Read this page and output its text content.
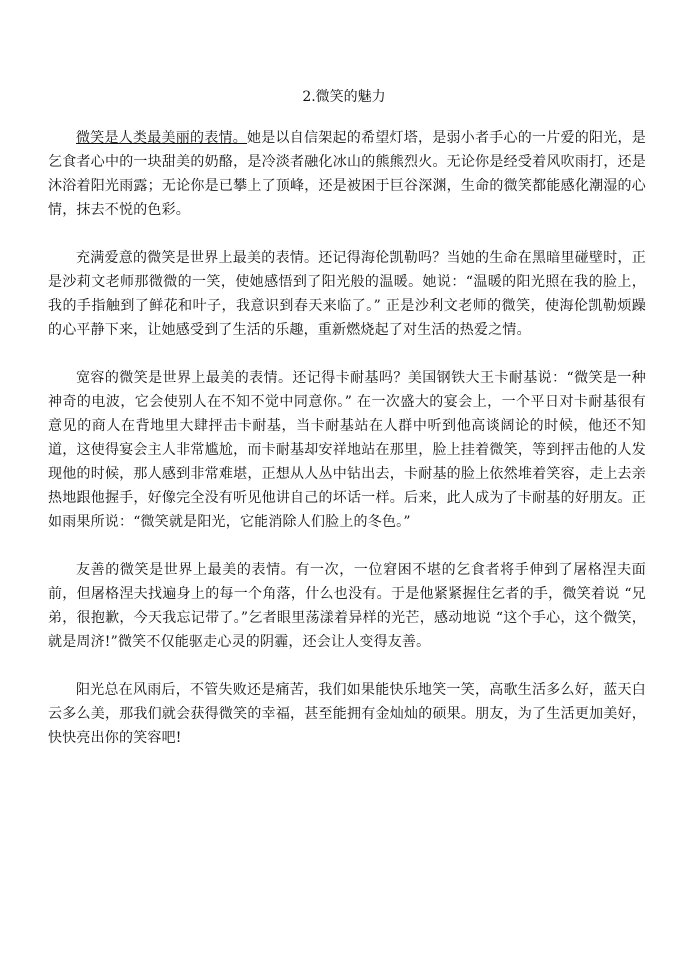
2.微笑的魅力

微笑是人类最美丽的表情。她是以自信架起的希望灯塔，是弱小者手心的一片爱的阳光，是乞食者心中的一块甜美的奶酪，是冷淡者融化冰山的熊熊烈火。无论你是经受着风吹雨打，还是沐浴着阳光雨露；无论你是已攀上了顶峰，还是被困于巨谷深渊，生命的微笑都能感化潮湿的心情，抹去不悦的色彩。

充满爱意的微笑是世界上最美的表情。还记得海伦凯勒吗？当她的生命在黑暗里碰壁时，正是沙莉文老师那微微的一笑，使她感悟到了阳光般的温暖。她说：“温暖的阳光照在我的脸上，我的手指触到了鲜花和叶子，我意识到春天来临了。” 正是沙利文老师的微笑，使海伦凯勒烦躁的心平静下来，让她感受到了生活的乐趣，重新燃烧起了对生活的热爱之情。

宽容的微笑是世界上最美的表情。还记得卡耐基吗？美国钢铁大王卡耐基说：“微笑是一种神奇的电波，它会使别人在不知不觉中同意你。” 在一次盛大的宴会上，一个平日对卡耐基很有意见的商人在背地里大肆抨击卡耐基，当卡耐基站在人群中听到他高谈阔论的时候，他还不知道，这使得宴会主人非常尴尬，而卡耐基却安祥地站在那里，脸上挂着微笑，等到抨击他的人发现他的时候，那人感到非常难堪，正想从人丛中钻出去，卡耐基的脸上依然堆着笑容，走上去亲热地跟他握手，好像完全没有听见他讲自己的坏话一样。后来，此人成为了卡耐基的好朋友。正如雨果所说：“微笑就是阳光，它能消除人们脸上的冬色。”

友善的微笑是世界上最美的表情。有一次，一位窘困不堪的乞食者将手伸到了屠格涅夫面前，但屠格涅夫找遍身上的每一个角落，什么也没有。于是他紧紧握住乞者的手，微笑着说 “兄弟，很抱歉，今天我忘记带了。”乞者眼里荡漾着异样的光芒，感动地说 “这个手心，这个微笑，就是周济!”微笑不仅能驱走心灵的阴霾，还会让人变得友善。

阳光总在风雨后，不管失败还是痛苦，我们如果能快乐地笑一笑，高歌生活多么好，蓝天白云多么美，那我们就会获得微笑的幸福，甚至能拥有金灿灿的硕果。朋友，为了生活更加美好，快快亮出你的笑容吧!
